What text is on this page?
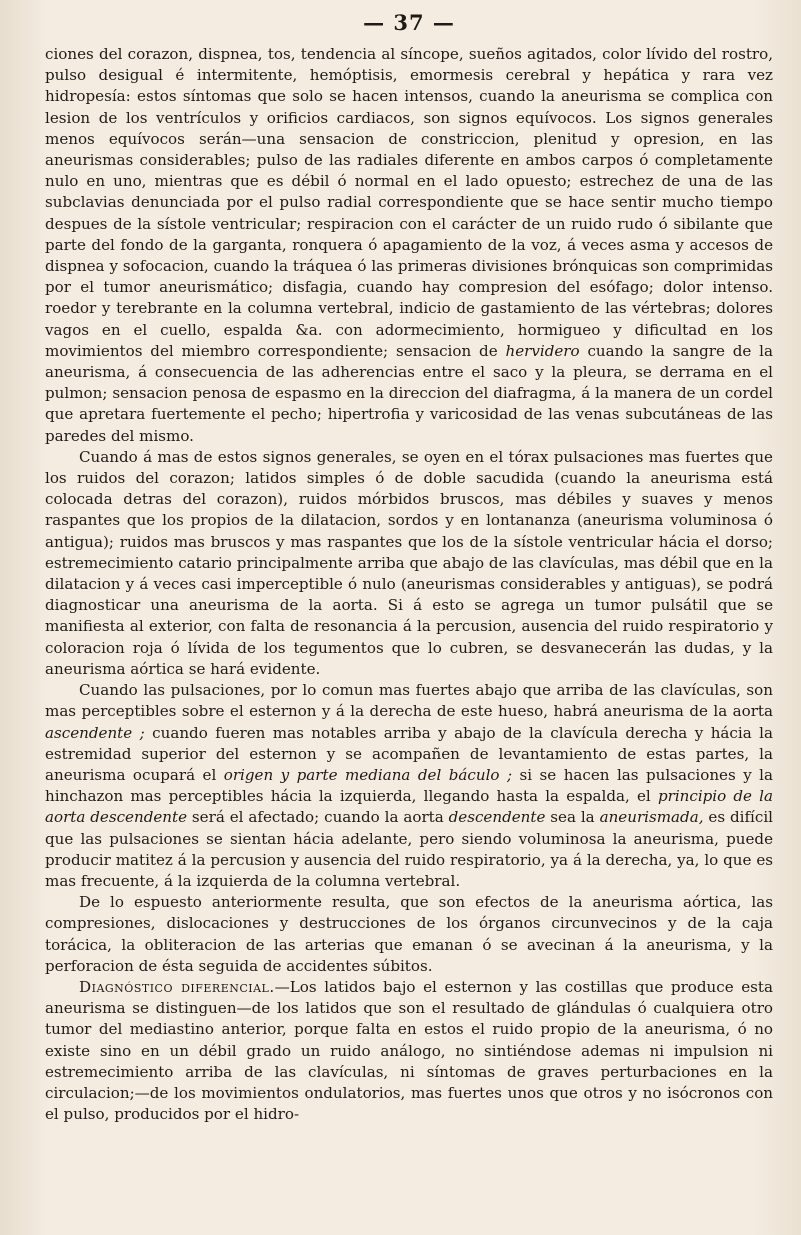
— 37 —

ciones del corazon, dispnea, tos, tendencia al síncope, sueños agitados, color lívido del rostro, pulso desigual é intermitente, hemóptisis, emormesis cerebral y hepática y rara vez hidropesía: estos síntomas que solo se hacen intensos, cuando la aneurisma se complica con lesion de los ventrículos y orificios cardiacos, son signos equívocos. Los signos generales menos equívocos serán—una sensacion de constriccion, plenitud y opresion, en las aneurismas considerables; pulso de las radiales diferente en ambos carpos ó completamente nulo en uno, mientras que es débil ó normal en el lado opuesto; estrechez de una de las subclavias denunciada por el pulso radial correspondiente que se hace sentir mucho tiempo despues de la sístole ventricular; respiracion con el carácter de un ruido rudo ó sibilante que parte del fondo de la garganta, ronquera ó apagamiento de la voz, á veces asma y accesos de dispnea y sofocacion, cuando la tráquea ó las primeras divisiones brónquicas son comprimidas por el tumor aneurismático; disfagia, cuando hay compresion del esófago; dolor intenso. roedor y terebrante en la columna vertebral, indicio de gastamiento de las vértebras; dolores vagos en el cuello, espalda &a. con adormecimiento, hormigueo y dificultad en los movimientos del miembro correspondiente; sensacion de hervidero cuando la sangre de la aneurisma, á consecuencia de las adherencias entre el saco y la pleura, se derrama en el pulmon; sensacion penosa de espasmo en la direccion del diafragma, á la manera de un cordel que apretara fuertemente el pecho; hipertrofia y varicosidad de las venas subcutáneas de las paredes del mismo.

Cuando á mas de estos signos generales, se oyen en el tórax pulsaciones mas fuertes que los ruidos del corazon; latidos simples ó de doble sacudida (cuando la aneurisma está colocada detras del corazon), ruidos mórbidos bruscos, mas débiles y suaves y menos raspantes que los propios de la dilatacion, sordos y en lontananza (aneurisma voluminosa ó antigua); ruidos mas bruscos y mas raspantes que los de la sístole ventricular hácia el dorso; estremecimiento catario principalmente arriba que abajo de las clavículas, mas débil que en la dilatacion y á veces casi imperceptible ó nulo (aneurismas considerables y antiguas), se podrá diagnosticar una aneurisma de la aorta. Si á esto se agrega un tumor pulsátil que se manifiesta al exterior, con falta de resonancia á la percusion, ausencia del ruido respiratorio y coloracion roja ó lívida de los tegumentos que lo cubren, se desvanecerán las dudas, y la aneurisma aórtica se hará evidente.

Cuando las pulsaciones, por lo comun mas fuertes abajo que arriba de las clavículas, son mas perceptibles sobre el esternon y á la derecha de este hueso, habrá aneurisma de la aorta ascendente ; cuando fueren mas notables arriba y abajo de la clavícula derecha y hácia la estremidad superior del esternon y se acompañen de levantamiento de estas partes, la aneurisma ocupará el origen y parte mediana del báculo ; si se hacen las pulsaciones y la hinchazon mas perceptibles hácia la izquierda, llegando hasta la espalda, el principio de la aorta descendente será el afectado; cuando la aorta descendente sea la aneurismada, es difícil que las pulsaciones se sientan hácia adelante, pero siendo voluminosa la aneurisma, puede producir matitez á la percusion y ausencia del ruido respiratorio, ya á la derecha, ya, lo que es mas frecuente, á la izquierda de la columna vertebral.

De lo espuesto anteriormente resulta, que son efectos de la aneurisma aórtica, las compresiones, dislocaciones y destrucciones de los órganos circunvecinos y de la caja torácica, la obliteracion de las arterias que emanan ó se avecinan á la aneurisma, y la perforacion de ésta seguida de accidentes súbitos.

Diagnóstico diferencial.—Los latidos bajo el esternon y las costillas que produce esta aneurisma se distinguen—de los latidos que son el resultado de glándulas ó cualquiera otro tumor del mediastino anterior, porque falta en estos el ruido propio de la aneurisma, ó no existe sino en un débil grado un ruido análogo, no sintiéndose ademas ni impulsion ni estremecimiento arriba de las clavículas, ni síntomas de graves perturbaciones en la circulacion;—de los movimientos ondulatorios, mas fuertes unos que otros y no isócronos con el pulso, producidos por el hidro-
